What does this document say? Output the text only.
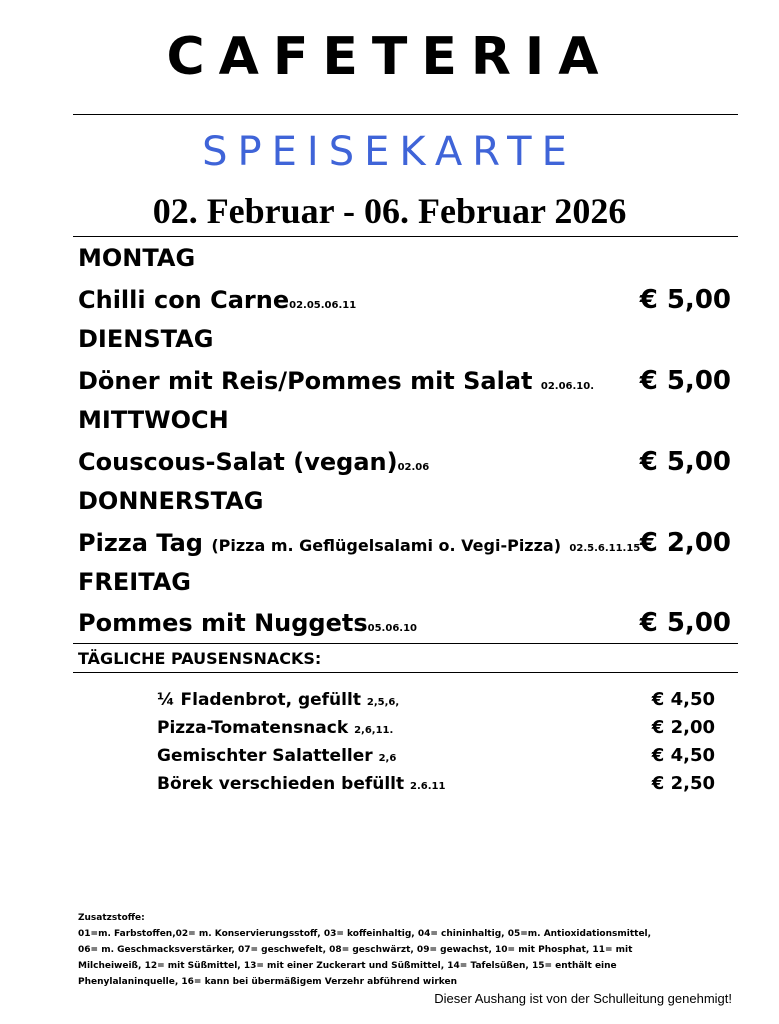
CAFETERIA
SPEISEKARTE
02. Februar - 06. Februar 2026
MONTAG
Chilli con Carne02.05.06.11	€ 5,00
DIENSTAG
Döner mit Reis/Pommes mit Salat 02.06.10. € 5,00
MITTWOCH
Couscous-Salat (vegan)02.06	€ 5,00
DONNERSTAG
Pizza Tag (Pizza m. Geflügelsalami o. Vegi-Pizza) 02.5.6.11.15 € 2,00
FREITAG
Pommes mit Nuggets05.06.10	€ 5,00
TÄGLICHE PAUSENSNACKS:
¼ Fladenbrot, gefüllt 2,5,6,	€ 4,50
Pizza-Tomatensnack 2,6,11.	€ 2,00
Gemischter Salatteller 2,6	€ 4,50
Börek verschieden befüllt 2.6.11	€ 2,50
Zusatzstoffe:
01=m. Farbstoffen,02= m. Konservierungsstoff, 03= koffeinhaltig, 04= chininhaltig, 05=m. Antioxidationsmittel,
06= m. Geschmacksverstärker, 07= geschwefelt, 08= geschwärzt, 09= gewachst, 10= mit Phosphat, 11= mit
Milcheiweiß, 12= mit Süßmittel, 13= mit einer Zuckerart und Süßmittel, 14= Tafelsüßen, 15= enthält eine
Phenylalaninquelle, 16= kann bei übermäßigem Verzehr abführend wirken
Dieser Aushang ist von der Schulleitung genehmigt!
